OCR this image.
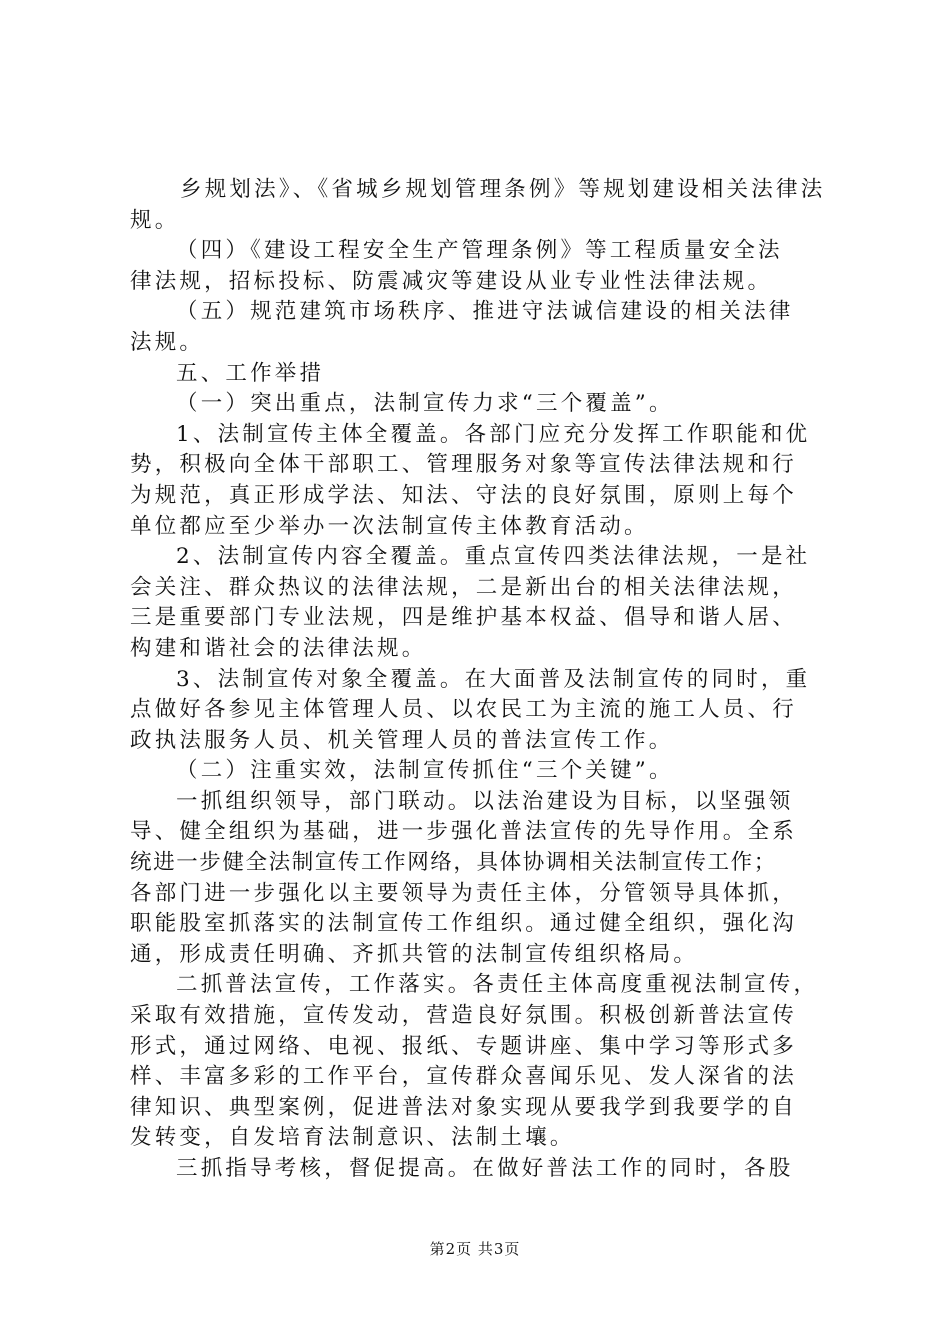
乡规划法》、《省城乡规划管理条例》等规划建设相关法律法
规。
（四）《建设工程安全生产管理条例》等工程质量安全法
律法规，招标投标、防震减灾等建设从业专业性法律法规。
（五）规范建筑市场秩序、推进守法诚信建设的相关法律
法规。
五、工作举措
（一）突出重点，法制宣传力求“三个覆盖”。
1、法制宣传主体全覆盖。各部门应充分发挥工作职能和优
势，积极向全体干部职工、管理服务对象等宣传法律法规和行
为规范，真正形成学法、知法、守法的良好氛围，原则上每个
单位都应至少举办一次法制宣传主体教育活动。
2、法制宣传内容全覆盖。重点宣传四类法律法规，一是社
会关注、群众热议的法律法规，二是新出台的相关法律法规，
三是重要部门专业法规，四是维护基本权益、倡导和谐人居、
构建和谐社会的法律法规。
3、法制宣传对象全覆盖。在大面普及法制宣传的同时，重
点做好各参见主体管理人员、以农民工为主流的施工人员、行
政执法服务人员、机关管理人员的普法宣传工作。
（二）注重实效，法制宣传抓住“三个关键”。
一抓组织领导，部门联动。以法治建设为目标，以坚强领
导、健全组织为基础，进一步强化普法宣传的先导作用。全系
统进一步健全法制宣传工作网络，具体协调相关法制宣传工作；
各部门进一步强化以主要领导为责任主体，分管领导具体抓，
职能股室抓落实的法制宣传工作组织。通过健全组织，强化沟
通，形成责任明确、齐抓共管的法制宣传组织格局。
二抓普法宣传，工作落实。各责任主体高度重视法制宣传，
采取有效措施，宣传发动，营造良好氛围。积极创新普法宣传
形式，通过网络、电视、报纸、专题讲座、集中学习等形式多
样、丰富多彩的工作平台，宣传群众喜闻乐见、发人深省的法
律知识、典型案例，促进普法对象实现从要我学到我要学的自
发转变，自发培育法制意识、法制土壤。
三抓指导考核，督促提高。在做好普法工作的同时，各股
第2页 共3页
